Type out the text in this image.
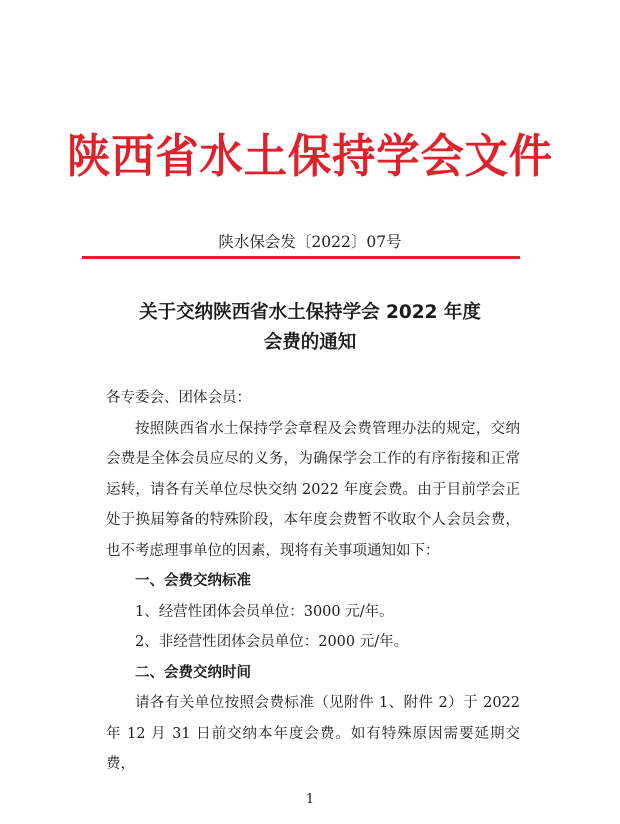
陕西省水土保持学会文件
陕水保会发〔2022〕07号
关于交纳陕西省水土保持学会 2022 年度
会费的通知

各专委会、团体会员：

按照陕西省水土保持学会章程及会费管理办法的规定，交纳会费是全体会员应尽的义务，为确保学会工作的有序衔接和正常运转，请各有关单位尽快交纳 2022 年度会费。由于目前学会正处于换届筹备的特殊阶段，本年度会费暂不收取个人会员会费，也不考虑理事单位的因素，现将有关事项通知如下：

一、会费交纳标准

1、经营性团体会员单位：3000 元/年。

2、非经营性团体会员单位：2000 元/年。

二、会费交纳时间

请各有关单位按照会费标准（见附件 1、附件 2）于 2022 年 12 月 31 日前交纳本年度会费。如有特殊原因需要延期交费，

1
